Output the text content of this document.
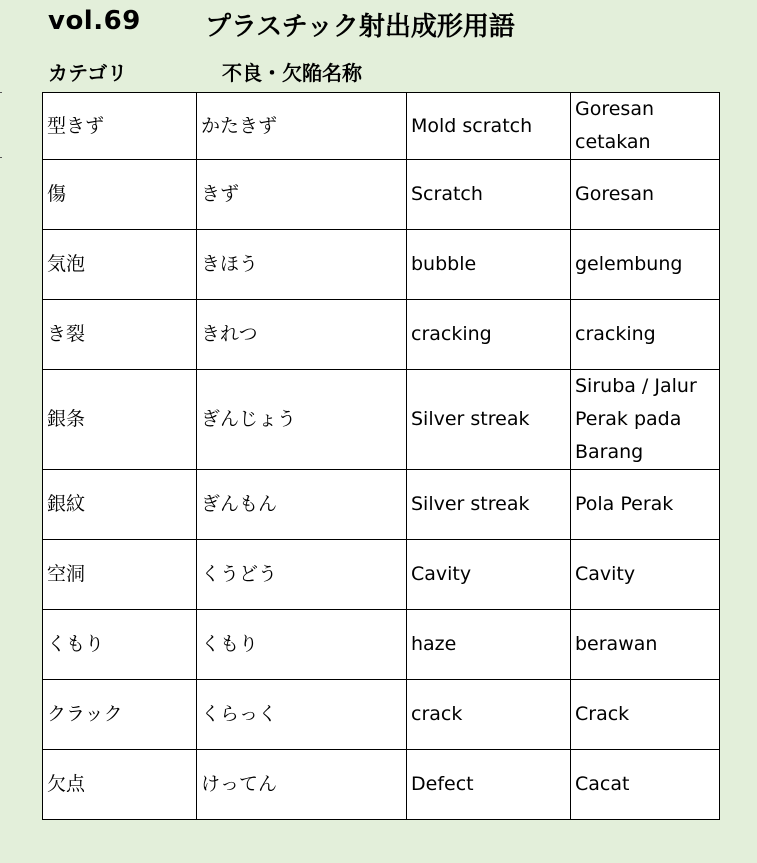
vol.69 プラスチック射出成形用語
カテゴリ	不良・欠陥名称
型きず	かたきず	Mold scratch	Goresan cetakan
傷	きず	Scratch	Goresan
気泡	きほう	bubble	gelembung
き裂	きれつ	cracking	cracking
銀条	ぎんじょう	Silver streak	Siruba / Jalur Perak pada Barang
銀紋	ぎんもん	Silver streak	Pola Perak
空洞	くうどう	Cavity	Cavity
くもり	くもり	haze	berawan
クラック	くらっく	crack	Crack
欠点	けってん	Defect	Cacat
